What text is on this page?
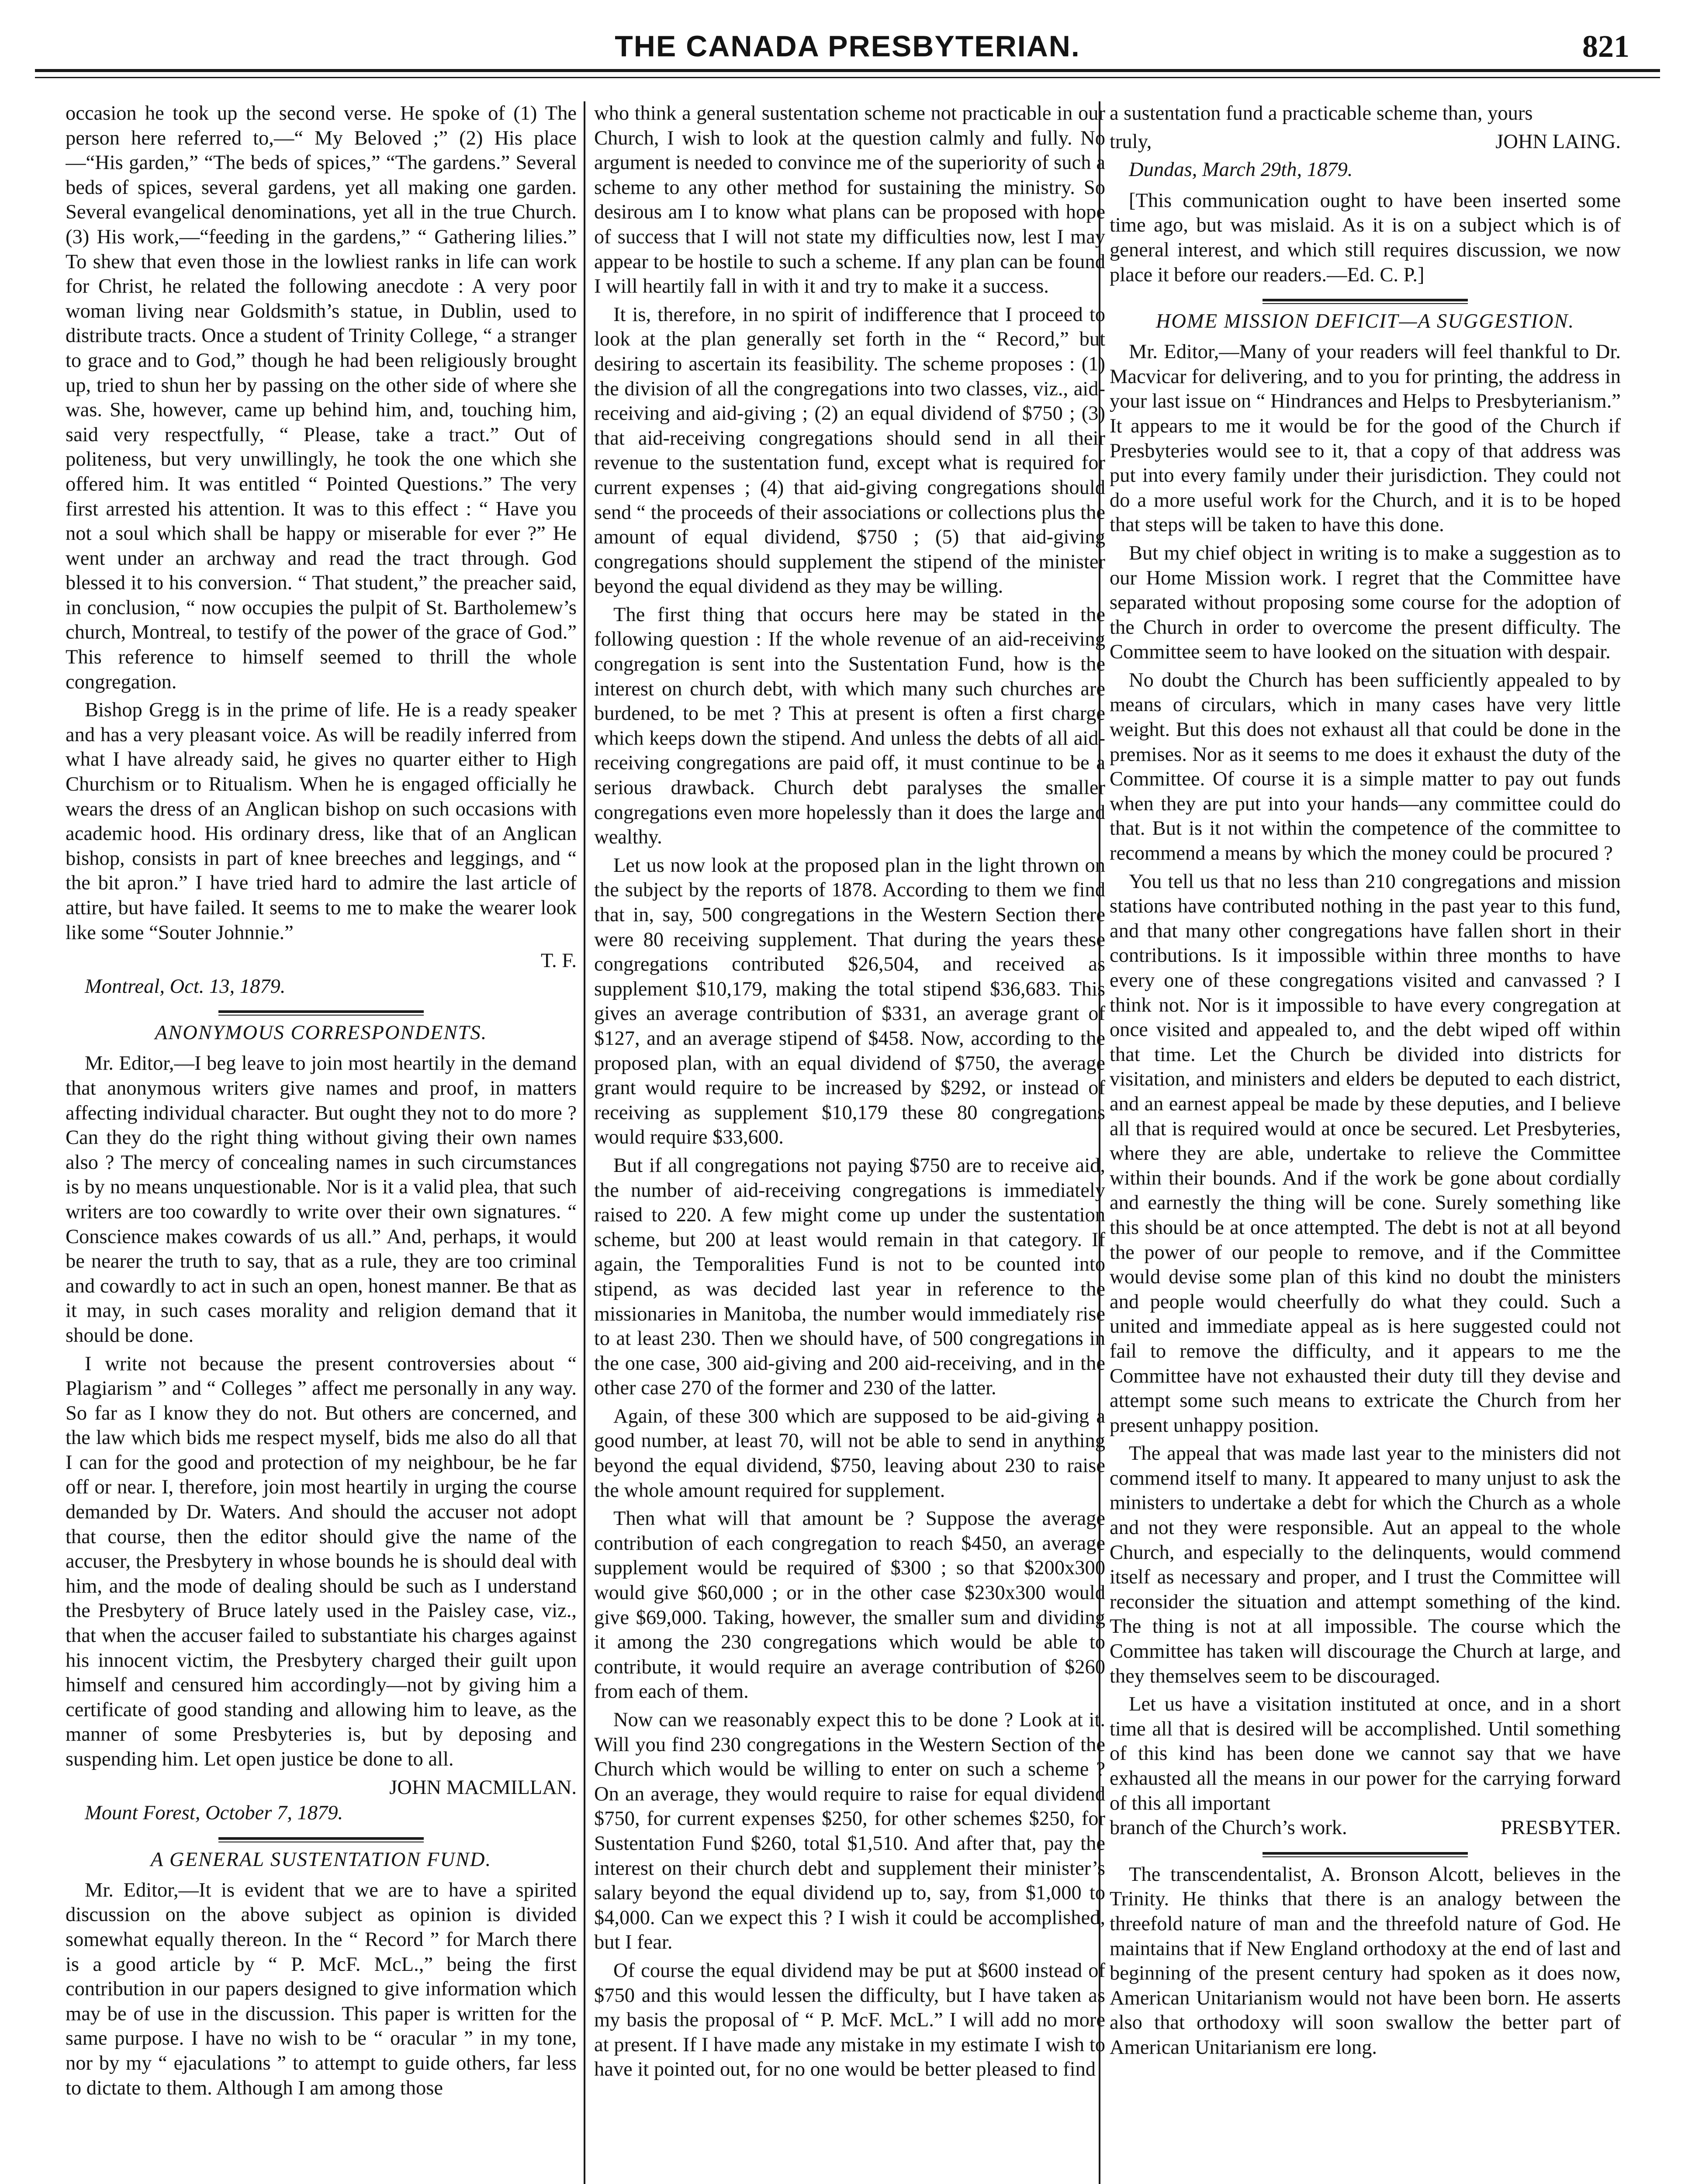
THE CANADA PRESBYTERIAN.	821

occasion he took up the second verse. He spoke of (1) The person here referred to,—“ My Beloved ;” (2) His place—“His garden,” “The beds of spices,” “The gardens.” Several beds of spices, several gardens, yet all making one garden. Several evangelical denominations, yet all in the true Church. (3) His work,—“feeding in the gardens,” “ Gathering lilies.” To shew that even those in the lowliest ranks in life can work for Christ, he related the following anecdote : A very poor woman living near Goldsmith’s statue, in Dublin, used to distribute tracts. Once a student of Trinity College, “ a stranger to grace and to God,” though he had been religiously brought up, tried to shun her by passing on the other side of where she was. She, however, came up behind him, and, touching him, said very respectfully, “ Please, take a tract.” Out of politeness, but very unwillingly, he took the one which she offered him. It was entitled “ Pointed Questions.” The very first arrested his attention. It was to this effect : “ Have you not a soul which shall be happy or miserable for ever ?” He went under an archway and read the tract through. God blessed it to his conversion. “ That student,” the preacher said, in conclusion, “ now occupies the pulpit of St. Bartholemew’s church, Montreal, to testify of the power of the grace of God.” This reference to himself seemed to thrill the whole congregation.

Bishop Gregg is in the prime of life. He is a ready speaker and has a very pleasant voice. As will be readily inferred from what I have already said, he gives no quarter either to High Churchism or to Ritualism. When he is engaged officially he wears the dress of an Anglican bishop on such occasions with academic hood. His ordinary dress, like that of an Anglican bishop, consists in part of knee breeches and leggings, and “ the bit apron.” I have tried hard to admire the last article of attire, but have failed. It seems to me to make the wearer look like some “Souter Johnnie.”

T. F.

Montreal, Oct. 13, 1879.

ANONYMOUS CORRESPONDENTS.

Mr. Editor,—I beg leave to join most heartily in the demand that anonymous writers give names and proof, in matters affecting individual character. But ought they not to do more ? Can they do the right thing without giving their own names also ? The mercy of concealing names in such circumstances is by no means unquestionable. Nor is it a valid plea, that such writers are too cowardly to write over their own signatures. “ Conscience makes cowards of us all.” And, perhaps, it would be nearer the truth to say, that as a rule, they are too criminal and cowardly to act in such an open, honest manner. Be that as it may, in such cases morality and religion demand that it should be done.

I write not because the present controversies about “ Plagiarism ” and “ Colleges ” affect me personally in any way. So far as I know they do not. But others are concerned, and the law which bids me respect myself, bids me also do all that I can for the good and protection of my neighbour, be he far off or near. I, therefore, join most heartily in urging the course demanded by Dr. Waters. And should the accuser not adopt that course, then the editor should give the name of the accuser, the Presbytery in whose bounds he is should deal with him, and the mode of dealing should be such as I understand the Presbytery of Bruce lately used in the Paisley case, viz., that when the accuser failed to substantiate his charges against his innocent victim, the Presbytery charged their guilt upon himself and censured him accordingly—not by giving him a certificate of good standing and allowing him to leave, as the manner of some Presbyteries is, but by deposing and suspending him. Let open justice be done to all.

JOHN MACMILLAN.

Mount Forest, October 7, 1879.

A GENERAL SUSTENTATION FUND.

Mr. Editor,—It is evident that we are to have a spirited discussion on the above subject as opinion is divided somewhat equally thereon. In the “ Record ” for March there is a good article by “ P. McF. McL.,” being the first contribution in our papers designed to give information which may be of use in the discussion. This paper is written for the same purpose. I have no wish to be “ oracular ” in my tone, nor by my “ ejaculations ” to attempt to guide others, far less to dictate to them. Although I am among those

who think a general sustentation scheme not practicable in our Church, I wish to look at the question calmly and fully. No argument is needed to convince me of the superiority of such a scheme to any other method for sustaining the ministry. So desirous am I to know what plans can be proposed with hope of success that I will not state my difficulties now, lest I may appear to be hostile to such a scheme. If any plan can be found I will heartily fall in with it and try to make it a success.

It is, therefore, in no spirit of indifference that I proceed to look at the plan generally set forth in the “ Record,” but desiring to ascertain its feasibility. The scheme proposes : (1) the division of all the congregations into two classes, viz., aid-receiving and aid-giving ; (2) an equal dividend of $750 ; (3) that aid-receiving congregations should send in all their revenue to the sustentation fund, except what is required for current expenses ; (4) that aid-giving congregations should send “ the proceeds of their associations or collections plus the amount of equal dividend, $750 ; (5) that aid-giving congregations should supplement the stipend of the minister beyond the equal dividend as they may be willing.

The first thing that occurs here may be stated in the following question : If the whole revenue of an aid-receiving congregation is sent into the Sustentation Fund, how is the interest on church debt, with which many such churches are burdened, to be met ? This at present is often a first charge which keeps down the stipend. And unless the debts of all aid-receiving congregations are paid off, it must continue to be a serious drawback. Church debt paralyses the smaller congregations even more hopelessly than it does the large and wealthy.

Let us now look at the proposed plan in the light thrown on the subject by the reports of 1878. According to them we find that in, say, 500 congregations in the Western Section there were 80 receiving supplement. That during the years these congregations contributed $26,504, and received as supplement $10,179, making the total stipend $36,683. This gives an average contribution of $331, an average grant of $127, and an average stipend of $458. Now, according to the proposed plan, with an equal dividend of $750, the average grant would require to be increased by $292, or instead of receiving as supplement $10,179 these 80 congregations would require $33,600.

But if all congregations not paying $750 are to receive aid, the number of aid-receiving congregations is immediately raised to 220. A few might come up under the sustentation scheme, but 200 at least would remain in that category. If again, the Temporalities Fund is not to be counted into stipend, as was decided last year in reference to the missionaries in Manitoba, the number would immediately rise to at least 230. Then we should have, of 500 congregations in the one case, 300 aid-giving and 200 aid-receiving, and in the other case 270 of the former and 230 of the latter.

Again, of these 300 which are supposed to be aid-giving a good number, at least 70, will not be able to send in anything beyond the equal dividend, $750, leaving about 230 to raise the whole amount required for supplement.

Then what will that amount be ? Suppose the average contribution of each congregation to reach $450, an average supplement would be required of $300 ; so that $200x300 would give $60,000 ; or in the other case $230x300 would give $69,000. Taking, however, the smaller sum and dividing it among the 230 congregations which would be able to contribute, it would require an average contribution of $260 from each of them.

Now can we reasonably expect this to be done ? Look at it. Will you find 230 congregations in the Western Section of the Church which would be willing to enter on such a scheme ? On an average, they would require to raise for equal dividend $750, for current expenses $250, for other schemes $250, for Sustentation Fund $260, total $1,510. And after that, pay the interest on their church debt and supplement their minister’s salary beyond the equal dividend up to, say, from $1,000 to $4,000. Can we expect this ? I wish it could be accomplished, but I fear.

Of course the equal dividend may be put at $600 instead of $750 and this would lessen the difficulty, but I have taken as my basis the proposal of “ P. McF. McL.” I will add no more at present. If I have made any mistake in my estimate I wish to have it pointed out, for no one would be better pleased to find

a sustentation fund a practicable scheme than, yours

truly,	JOHN LAING.

Dundas, March 29th, 1879.

[This communication ought to have been inserted some time ago, but was mislaid. As it is on a subject which is of general interest, and which still requires discussion, we now place it before our readers.—Ed. C. P.]

HOME MISSION DEFICIT—A SUGGESTION.

Mr. Editor,—Many of your readers will feel thankful to Dr. Macvicar for delivering, and to you for printing, the address in your last issue on “ Hindrances and Helps to Presbyterianism.” It appears to me it would be for the good of the Church if Presbyteries would see to it, that a copy of that address was put into every family under their jurisdiction. They could not do a more useful work for the Church, and it is to be hoped that steps will be taken to have this done.

But my chief object in writing is to make a suggestion as to our Home Mission work. I regret that the Committee have separated without proposing some course for the adoption of the Church in order to overcome the present difficulty. The Committee seem to have looked on the situation with despair.

No doubt the Church has been sufficiently appealed to by means of circulars, which in many cases have very little weight. But this does not exhaust all that could be done in the premises. Nor as it seems to me does it exhaust the duty of the Committee. Of course it is a simple matter to pay out funds when they are put into your hands—any committee could do that. But is it not within the competence of the committee to recommend a means by which the money could be procured ?

You tell us that no less than 210 congregations and mission stations have contributed nothing in the past year to this fund, and that many other congregations have fallen short in their contributions. Is it impossible within three months to have every one of these congregations visited and canvassed ? I think not. Nor is it impossible to have every congregation at once visited and appealed to, and the debt wiped off within that time. Let the Church be divided into districts for visitation, and ministers and elders be deputed to each district, and an earnest appeal be made by these deputies, and I believe all that is required would at once be secured. Let Presbyteries, where they are able, undertake to relieve the Committee within their bounds. And if the work be gone about cordially and earnestly the thing will be cone. Surely something like this should be at once attempted. The debt is not at all beyond the power of our people to remove, and if the Committee would devise some plan of this kind no doubt the ministers and people would cheerfully do what they could. Such a united and immediate appeal as is here suggested could not fail to remove the difficulty, and it appears to me the Committee have not exhausted their duty till they devise and attempt some such means to extricate the Church from her present unhappy position.

The appeal that was made last year to the ministers did not commend itself to many. It appeared to many unjust to ask the ministers to undertake a debt for which the Church as a whole and not they were responsible. Aut an appeal to the whole Church, and especially to the delinquents, would commend itself as necessary and proper, and I trust the Committee will reconsider the situation and attempt something of the kind. The thing is not at all impossible. The course which the Committee has taken will discourage the Church at large, and they themselves seem to be discouraged.

Let us have a visitation instituted at once, and in a short time all that is desired will be accomplished. Until something of this kind has been done we cannot say that we have exhausted all the means in our power for the carrying forward of this all important

branch of the Church’s work.	PRESBYTER.

The transcendentalist, A. Bronson Alcott, believes in the Trinity. He thinks that there is an analogy between the threefold nature of man and the threefold nature of God. He maintains that if New England orthodoxy at the end of last and beginning of the present century had spoken as it does now, American Unitarianism would not have been born. He asserts also that orthodoxy will soon swallow the better part of American Unitarianism ere long.
